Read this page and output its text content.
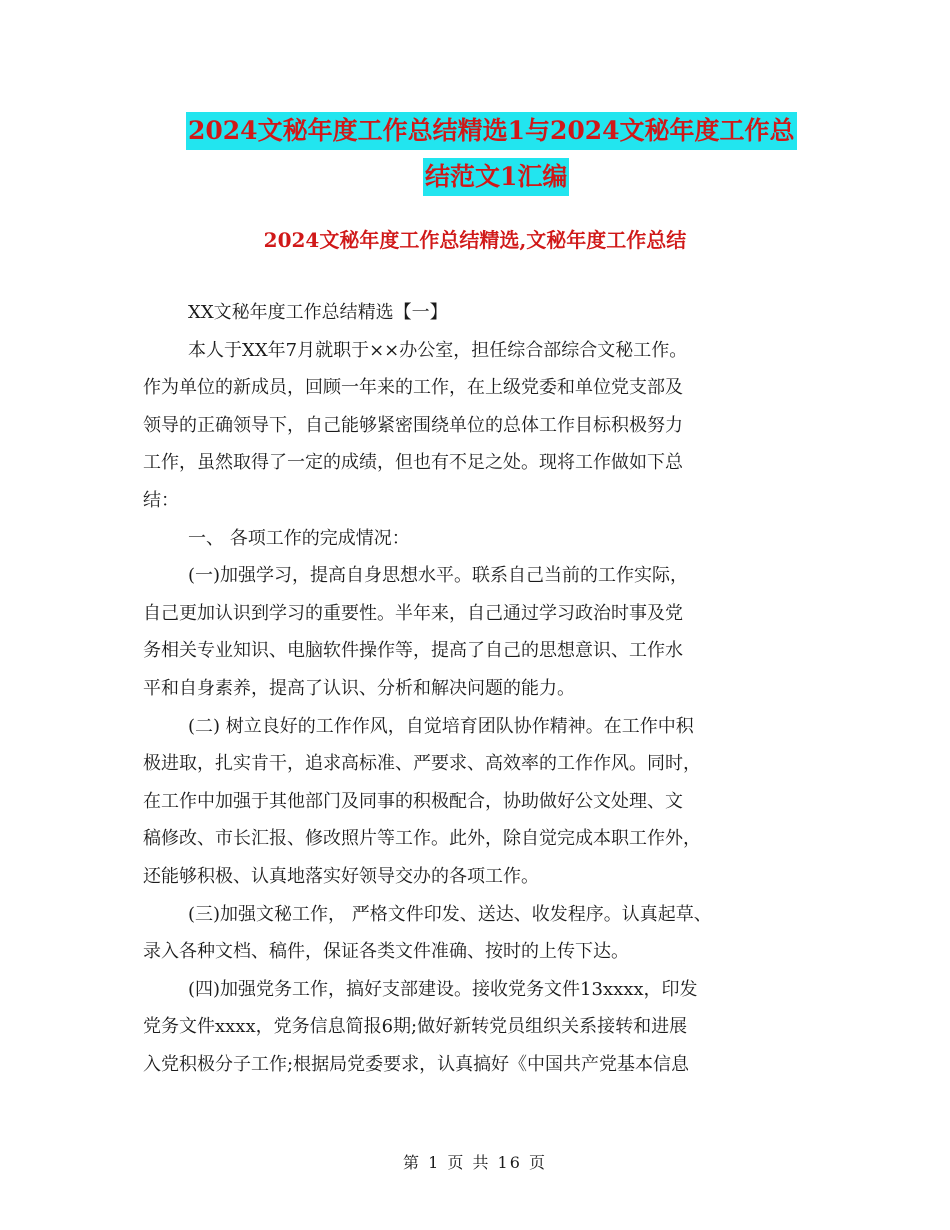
2024文秘年度工作总结精选1与2024文秘年度工作总
结范文1汇编
2024文秘年度工作总结精选,文秘年度工作总结
XX文秘年度工作总结精选【一】
本人于XX年7月就职于××办公室，担任综合部综合文秘工作。
作为单位的新成员，回顾一年来的工作，在上级党委和单位党支部及
领导的正确领导下，自己能够紧密围绕单位的总体工作目标积极努力
工作，虽然取得了一定的成绩，但也有不足之处。现将工作做如下总
结：
一、 各项工作的完成情况：
(一)加强学习，提高自身思想水平。联系自己当前的工作实际，
自己更加认识到学习的重要性。半年来，自己通过学习政治时事及党
务相关专业知识、电脑软件操作等，提高了自己的思想意识、工作水
平和自身素养，提高了认识、分析和解决问题的能力。
(二) 树立良好的工作作风，自觉培育团队协作精神。在工作中积
极进取，扎实肯干，追求高标准、严要求、高效率的工作作风。同时，
在工作中加强于其他部门及同事的积极配合，协助做好公文处理、文
稿修改、市长汇报、修改照片等工作。此外，除自觉完成本职工作外，
还能够积极、认真地落实好领导交办的各项工作。
(三)加强文秘工作， 严格文件印发、送达、收发程序。认真起草、
录入各种文档、稿件，保证各类文件准确、按时的上传下达。
(四)加强党务工作，搞好支部建设。接收党务文件13xxxx，印发
党务文件xxxx，党务信息简报6期;做好新转党员组织关系接转和进展
入党积极分子工作;根据局党委要求，认真搞好《中国共产党基本信息
第 1 页 共 16 页
